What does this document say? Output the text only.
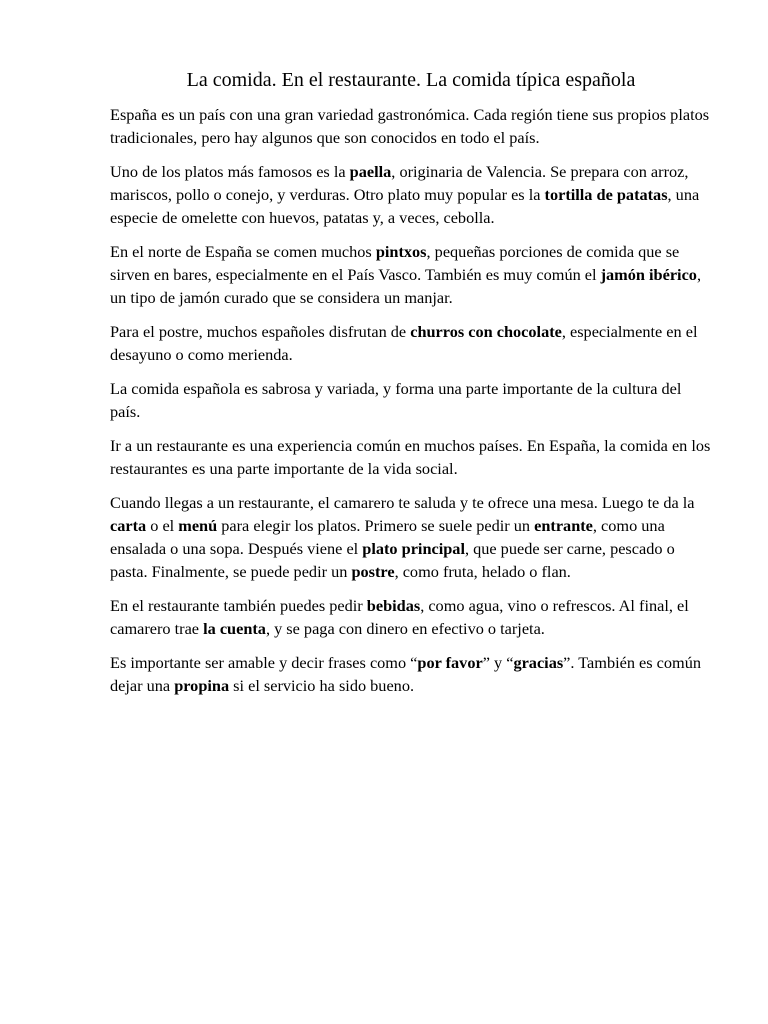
La comida. En el restaurante. La comida típica española

España es un país con una gran variedad gastronómica. Cada región tiene sus propios platos tradicionales, pero hay algunos que son conocidos en todo el país.

Uno de los platos más famosos es la paella, originaria de Valencia. Se prepara con arroz, mariscos, pollo o conejo, y verduras. Otro plato muy popular es la tortilla de patatas, una especie de omelette con huevos, patatas y, a veces, cebolla.

En el norte de España se comen muchos pintxos, pequeñas porciones de comida que se sirven en bares, especialmente en el País Vasco. También es muy común el jamón ibérico, un tipo de jamón curado que se considera un manjar.

Para el postre, muchos españoles disfrutan de churros con chocolate, especialmente en el desayuno o como merienda.

La comida española es sabrosa y variada, y forma una parte importante de la cultura del país.

Ir a un restaurante es una experiencia común en muchos países. En España, la comida en los restaurantes es una parte importante de la vida social.

Cuando llegas a un restaurante, el camarero te saluda y te ofrece una mesa. Luego te da la carta o el menú para elegir los platos. Primero se suele pedir un entrante, como una ensalada o una sopa. Después viene el plato principal, que puede ser carne, pescado o pasta. Finalmente, se puede pedir un postre, como fruta, helado o flan.

En el restaurante también puedes pedir bebidas, como agua, vino o refrescos. Al final, el camarero trae la cuenta, y se paga con dinero en efectivo o tarjeta.

Es importante ser amable y decir frases como “por favor” y “gracias”. También es común dejar una propina si el servicio ha sido bueno.
